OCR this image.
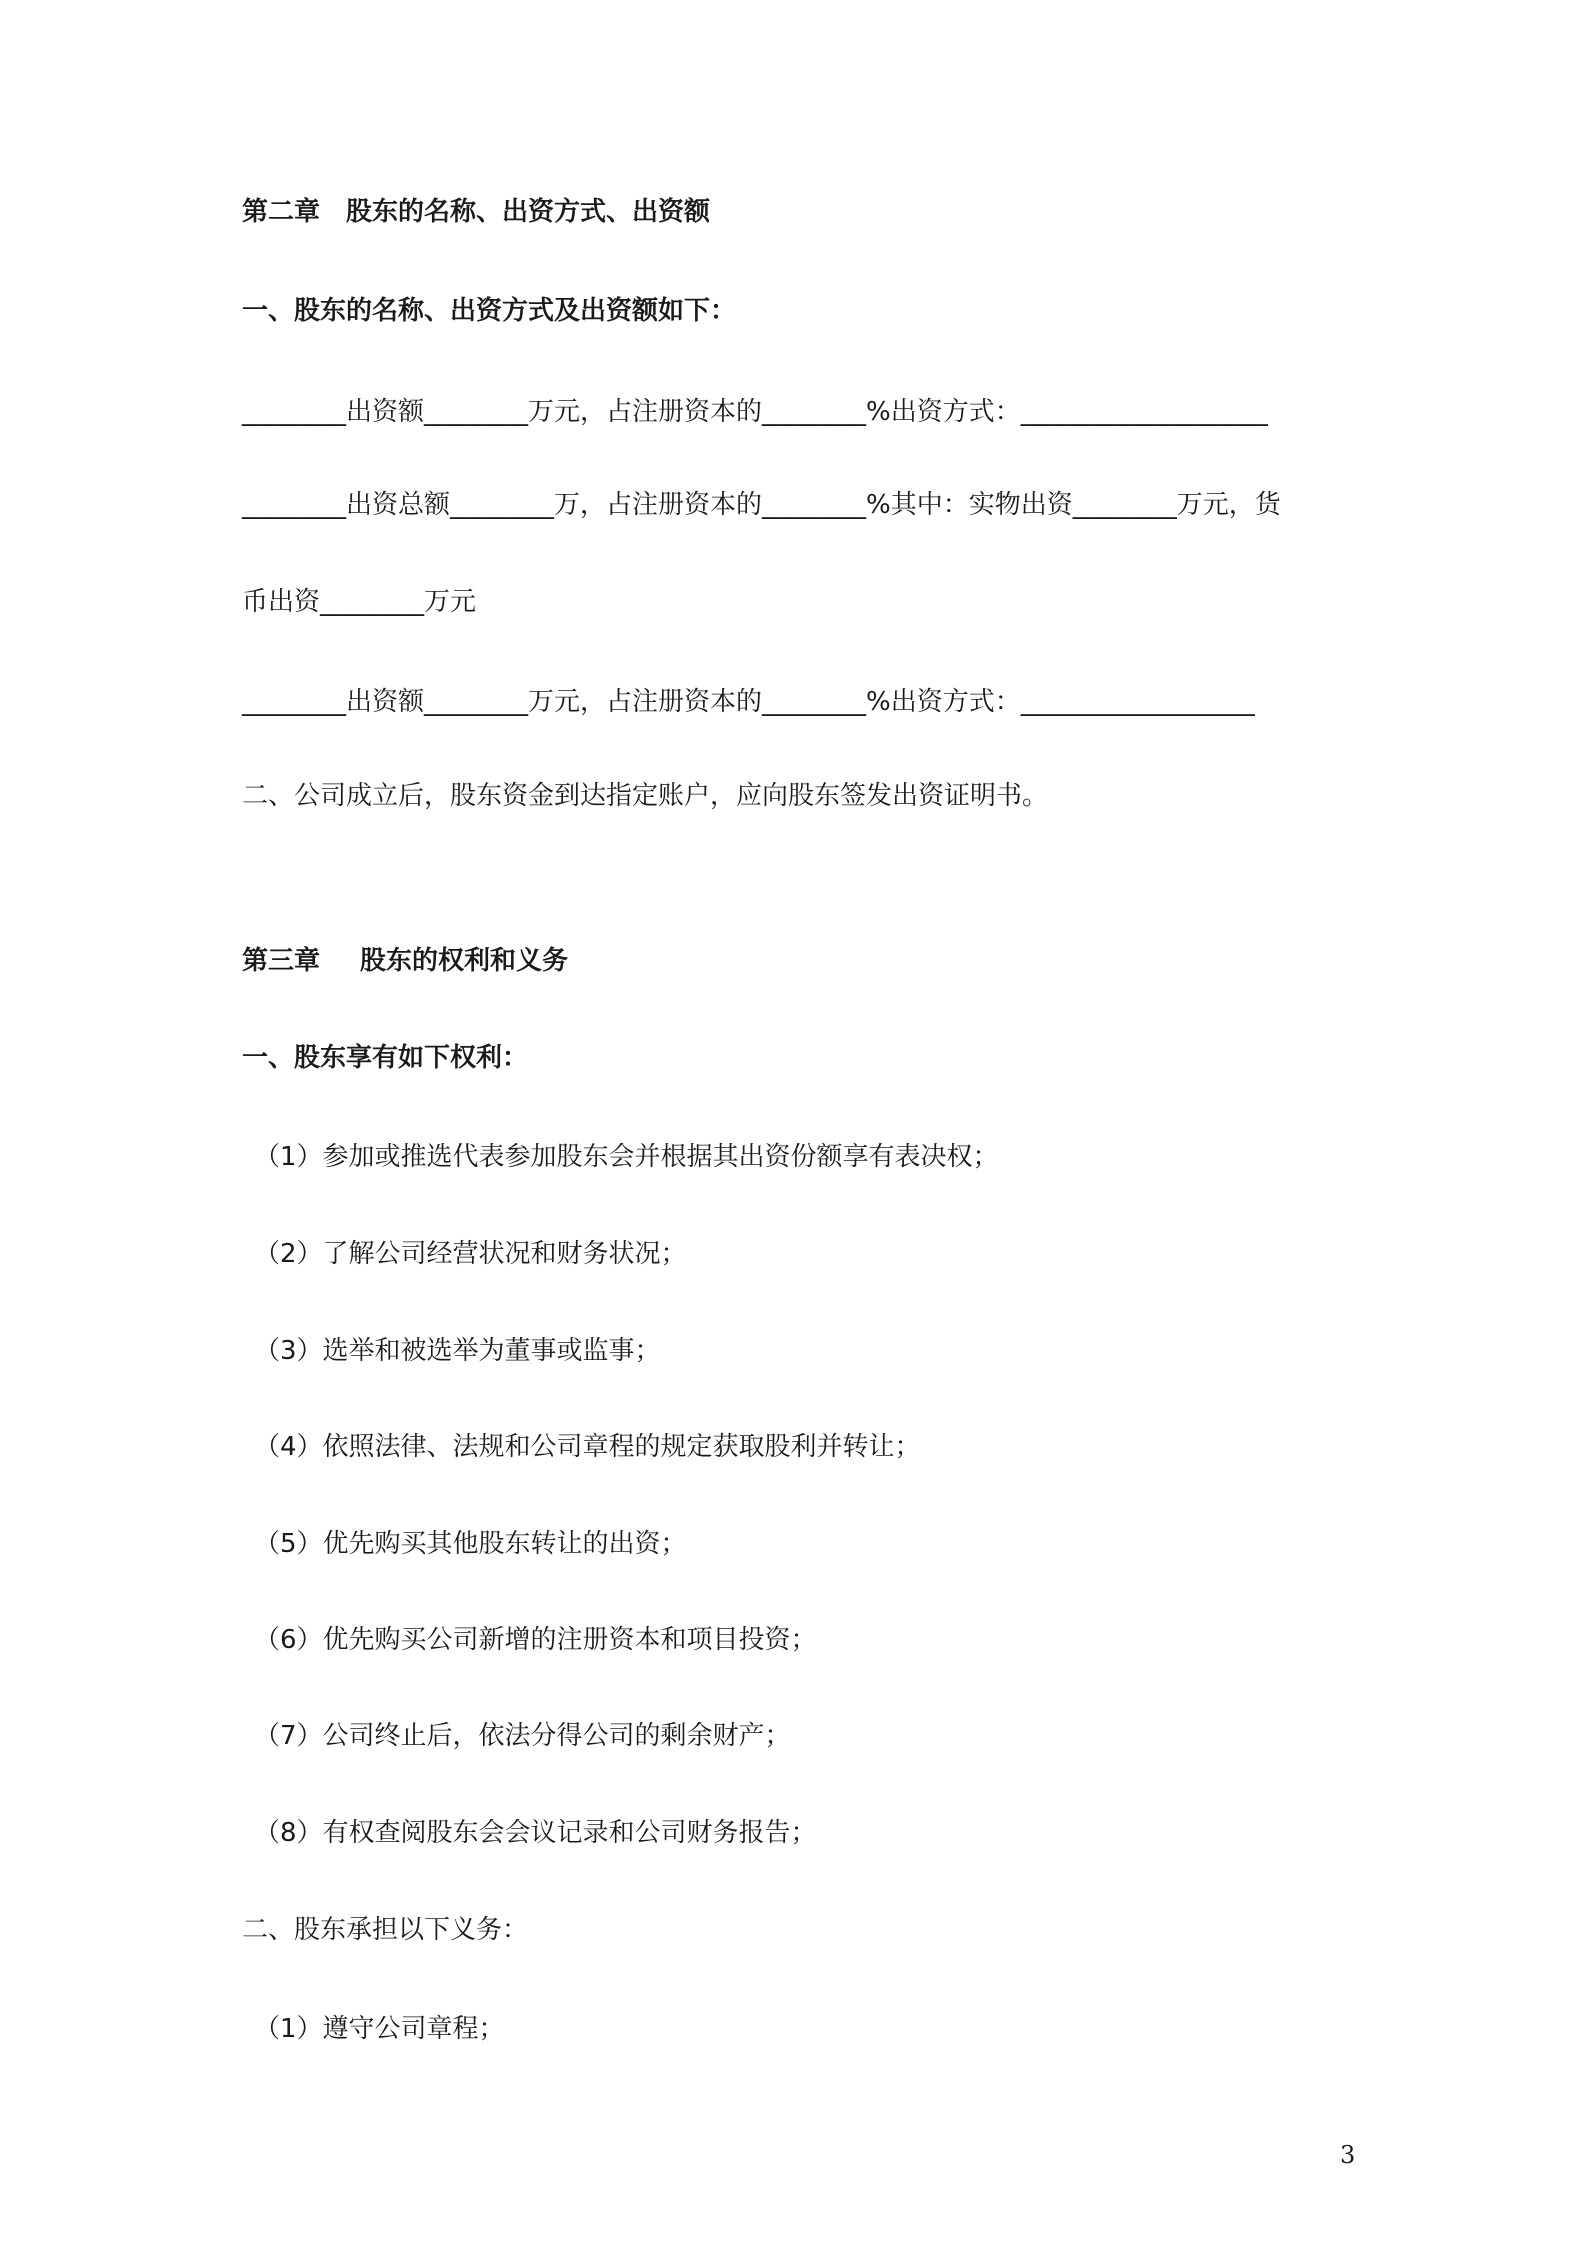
第二章 股东的名称、出资方式、出资额
一、股东的名称、出资方式及出资额如下：
________出资额________万元，占注册资本的________%出资方式：___________________
________出资总额________万，占注册资本的________%其中：实物出资________万元，货
币出资________万元
________出资额________万元，占注册资本的________%出资方式：__________________
二、公司成立后，股东资金到达指定账户，应向股东签发出资证明书。
第三章 股东的权利和义务
一、股东享有如下权利：
（1）参加或推选代表参加股东会并根据其出资份额享有表决权；
（2）了解公司经营状况和财务状况；
（3）选举和被选举为董事或监事；
（4）依照法律、法规和公司章程的规定获取股利并转让；
（5）优先购买其他股东转让的出资；
（6）优先购买公司新增的注册资本和项目投资；
（7）公司终止后，依法分得公司的剩余财产；
（8）有权查阅股东会会议记录和公司财务报告；
二、股东承担以下义务：
（1）遵守公司章程；
3
